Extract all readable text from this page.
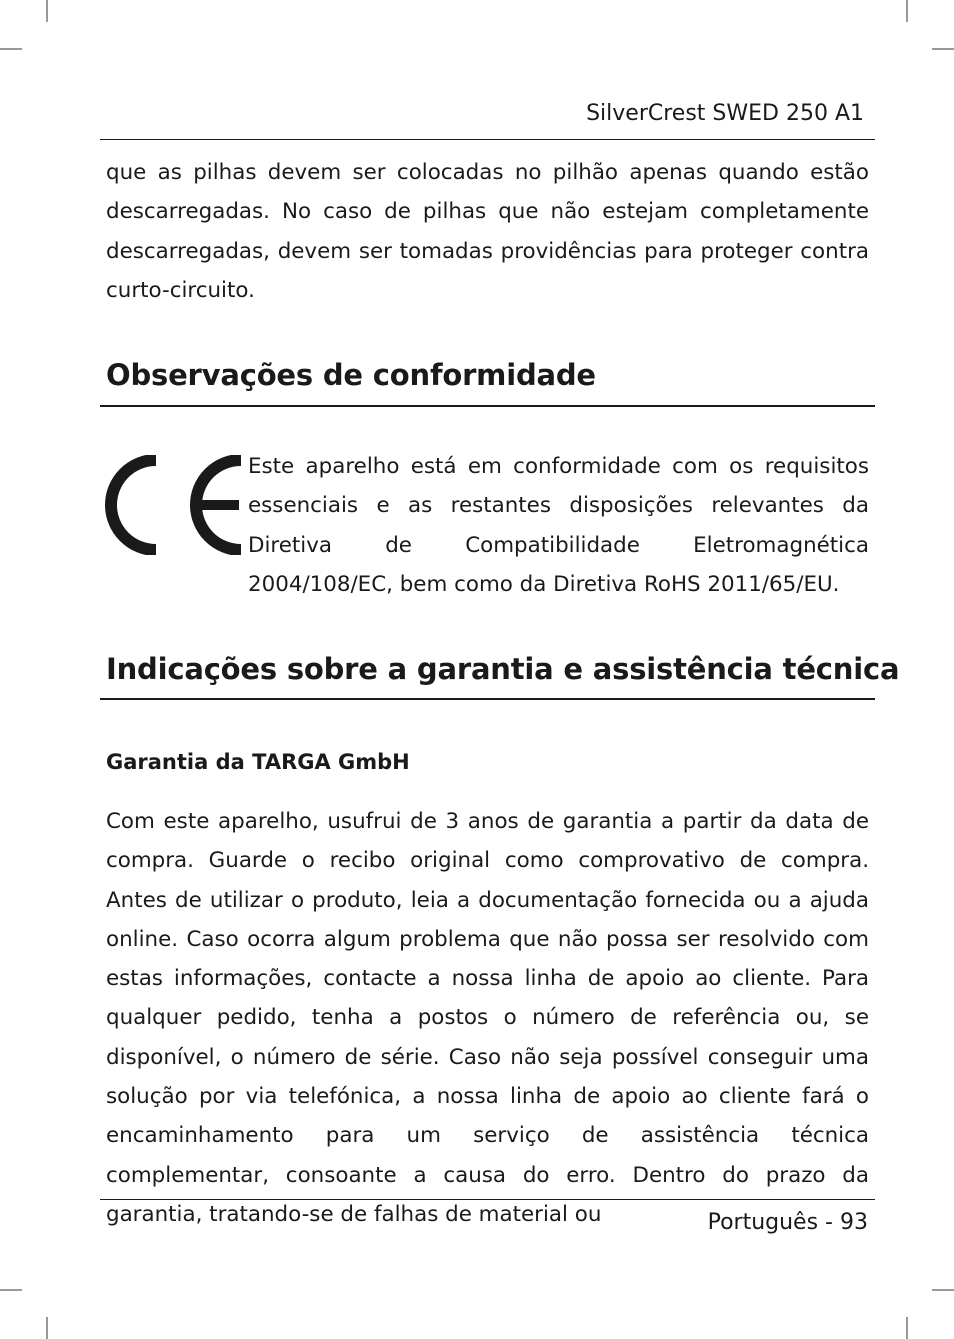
SilverCrest SWED 250 A1

que as pilhas devem ser colocadas no pilhão apenas quando estão descarregadas. No caso de pilhas que não estejam completamente descarregadas, devem ser tomadas providências para proteger contra curto-circuito.

Observações de conformidade

Este aparelho está em conformidade com os requisitos essenciais e as restantes disposições relevantes da Diretiva de Compatibilidade Eletromagnética 2004/108/EC, bem como da Diretiva RoHS 2011/65/EU.

Indicações sobre a garantia e assistência técnica
Garantia da TARGA GmbH

Com este aparelho, usufrui de 3 anos de garantia a partir da data de compra. Guarde o recibo original como comprovativo de compra. Antes de utilizar o produto, leia a documentação fornecida ou a ajuda online. Caso ocorra algum problema que não possa ser resolvido com estas informações, contacte a nossa linha de apoio ao cliente. Para qualquer pedido, tenha a postos o número de referência ou, se disponível, o número de série. Caso não seja possível conseguir uma solução por via telefónica, a nossa linha de apoio ao cliente fará o encaminhamento para um serviço de assistência técnica complementar, consoante a causa do erro. Dentro do prazo da garantia, tratando-se de falhas de material ou	Português - 93
